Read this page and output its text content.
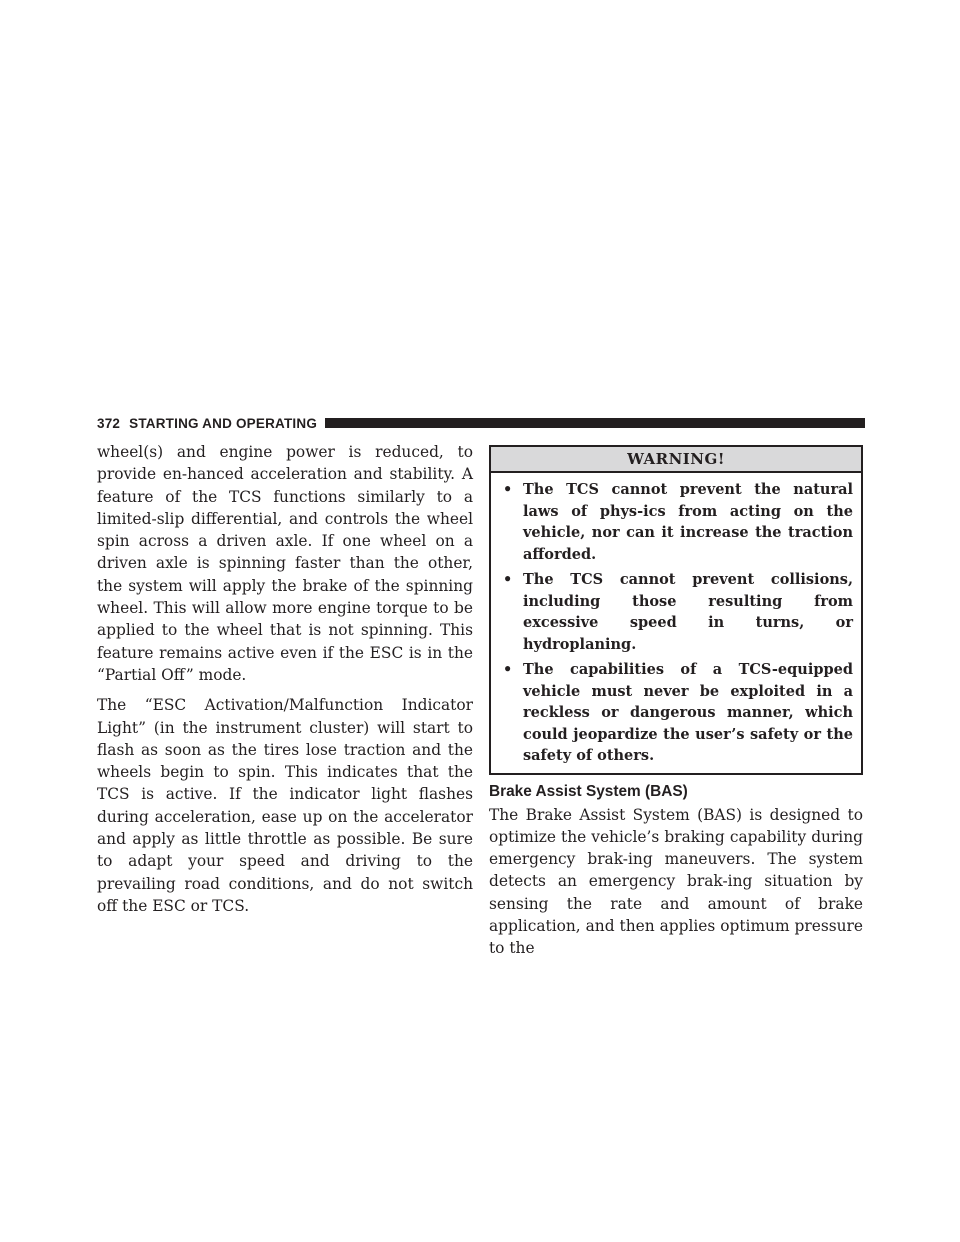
372 STARTING AND OPERATING

wheel(s) and engine power is reduced, to provide en-hanced acceleration and stability. A feature of the TCS functions similarly to a limited-slip differential, and controls the wheel spin across a driven axle. If one wheel on a driven axle is spinning faster than the other, the system will apply the brake of the spinning wheel. This will allow more engine torque to be applied to the wheel that is not spinning. This feature remains active even if the ESC is in the “Partial Off” mode.

The “ESC Activation/Malfunction Indicator Light” (in the instrument cluster) will start to flash as soon as the tires lose traction and the wheels begin to spin. This indicates that the TCS is active. If the indicator light flashes during acceleration, ease up on the accelerator and apply as little throttle as possible. Be sure to adapt your speed and driving to the prevailing road conditions, and do not switch off the ESC or TCS.

WARNING!
• The TCS cannot prevent the natural laws of phys-ics from acting on the vehicle, nor can it increase the traction afforded.
• The TCS cannot prevent collisions, including those resulting from excessive speed in turns, or hydroplaning.
• The capabilities of a TCS-equipped vehicle must never be exploited in a reckless or dangerous manner, which could jeopardize the user’s safety or the safety of others.
Brake Assist System (BAS)

The Brake Assist System (BAS) is designed to optimize the vehicle’s braking capability during emergency brak-ing maneuvers. The system detects an emergency brak-ing situation by sensing the rate and amount of brake application, and then applies optimum pressure to the
